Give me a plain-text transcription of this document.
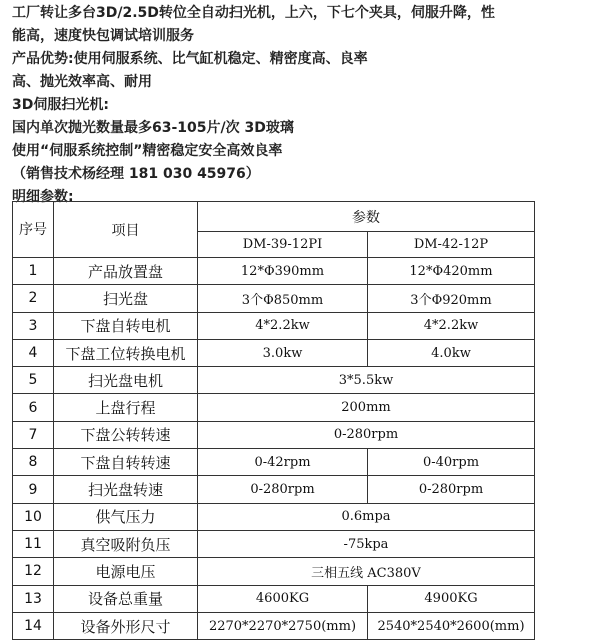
工厂转让多台3D/2.5D转位全自动扫光机，上六，下七个夹具，伺服升降，性
能高，速度快包调试培训服务
产品优势:使用伺服系统、比气缸机稳定、精密度高、良率
高、抛光效率高、耐用
3D伺服扫光机:
国内单次抛光数量最多63-105片/次 3D玻璃
使用“伺服系统控制”精密稳定安全高效良率
（销售技术杨经理 181 030 45976）
明细参数:
序号	项目	参数	
		DM-39-12PI	DM-42-12P
1	产品放置盘	12*Φ390mm	12*Φ420mm
2	扫光盘	3个Φ850mm	3个Φ920mm
3	下盘自转电机	4*2.2kw	4*2.2kw
4	下盘工位转换电机	3.0kw	4.0kw
5	扫光盘电机	3*5.5kw	
6	上盘行程	200mm	
7	下盘公转转速	0-280rpm	
8	下盘自转转速	0-42rpm	0-40rpm
9	扫光盘转速	0-280rpm	0-280rpm
10	供气压力	0.6mpa	
11	真空吸附负压	-75kpa	
12	电源电压	三相五线 AC380V	
13	设备总重量	4600KG	4900KG
14	设备外形尺寸	2270*2270*2750(mm)	2540*2540*2600(mm)
